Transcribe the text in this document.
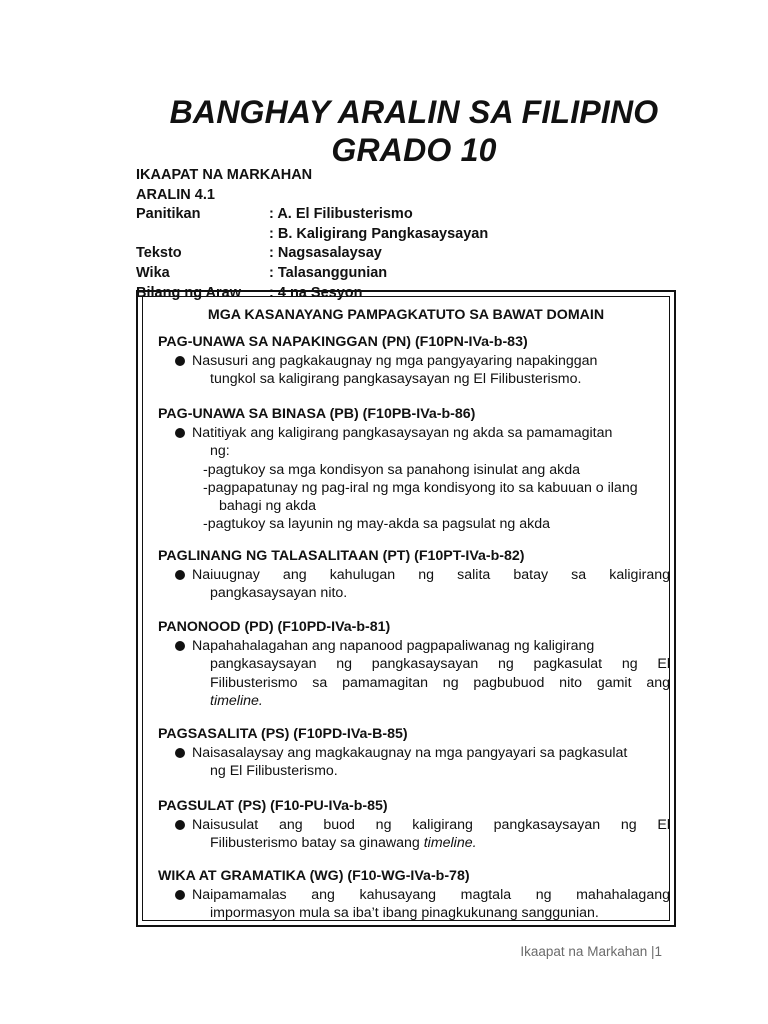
BANGHAY ARALIN SA FILIPINO
GRADO 10
IKAAPAT NA MARKAHAN
ARALIN 4.1
Panitikan	: A. El Filibusterismo
: B. Kaligirang Pangkasaysayan
Teksto	: Nagsasalaysay
Wika	: Talasanggunian
Bilang ng Araw	: 4 na Sesyon
MGA KASANAYANG PAMPAGKATUTO SA BAWAT DOMAIN
PAG-UNAWA SA NAPAKINGGAN (PN) (F10PN-IVa-b-83)
Nasusuri ang pagkakaugnay ng mga pangyayaring napakinggan
tungkol sa kaligirang pangkasaysayan ng El Filibusterismo.
PAG-UNAWA SA BINASA (PB) (F10PB-IVa-b-86)
Natitiyak ang kaligirang pangkasaysayan ng akda sa pamamagitan
ng:
-pagtukoy sa mga kondisyon sa panahong isinulat ang akda
-pagpapatunay ng pag-iral ng mga kondisyong ito sa kabuuan o ilang
bahagi ng akda
-pagtukoy sa layunin ng may-akda sa pagsulat ng akda
PAGLINANG NG TALASALITAAN (PT) (F10PT-IVa-b-82)
Naiuugnay ang kahulugan ng salita batay sa kaligirang
pangkasaysayan nito.
PANONOOD (PD) (F10PD-IVa-b-81)
Napahahalagahan ang napanood pagpapaliwanag ng kaligirang
pangkasaysayan ng pangkasaysayan ng pagkasulat ng El
Filibusterismo sa pamamagitan ng pagbubuod nito gamit ang
timeline.
PAGSASALITA (PS) (F10PD-IVa-B-85)
Naisasalaysay ang magkakaugnay na mga pangyayari sa pagkasulat
ng El Filibusterismo.
PAGSULAT (PS) (F10-PU-IVa-b-85)
Naisusulat ang buod ng kaligirang pangkasaysayan ng El
Filibusterismo batay sa ginawang timeline.
WIKA AT GRAMATIKA (WG) (F10-WG-IVa-b-78)
Naipamamalas ang kahusayang magtala ng mahahalagang
impormasyon mula sa iba’t ibang pinagkukunang sanggunian.
Ikaapat na Markahan |1
